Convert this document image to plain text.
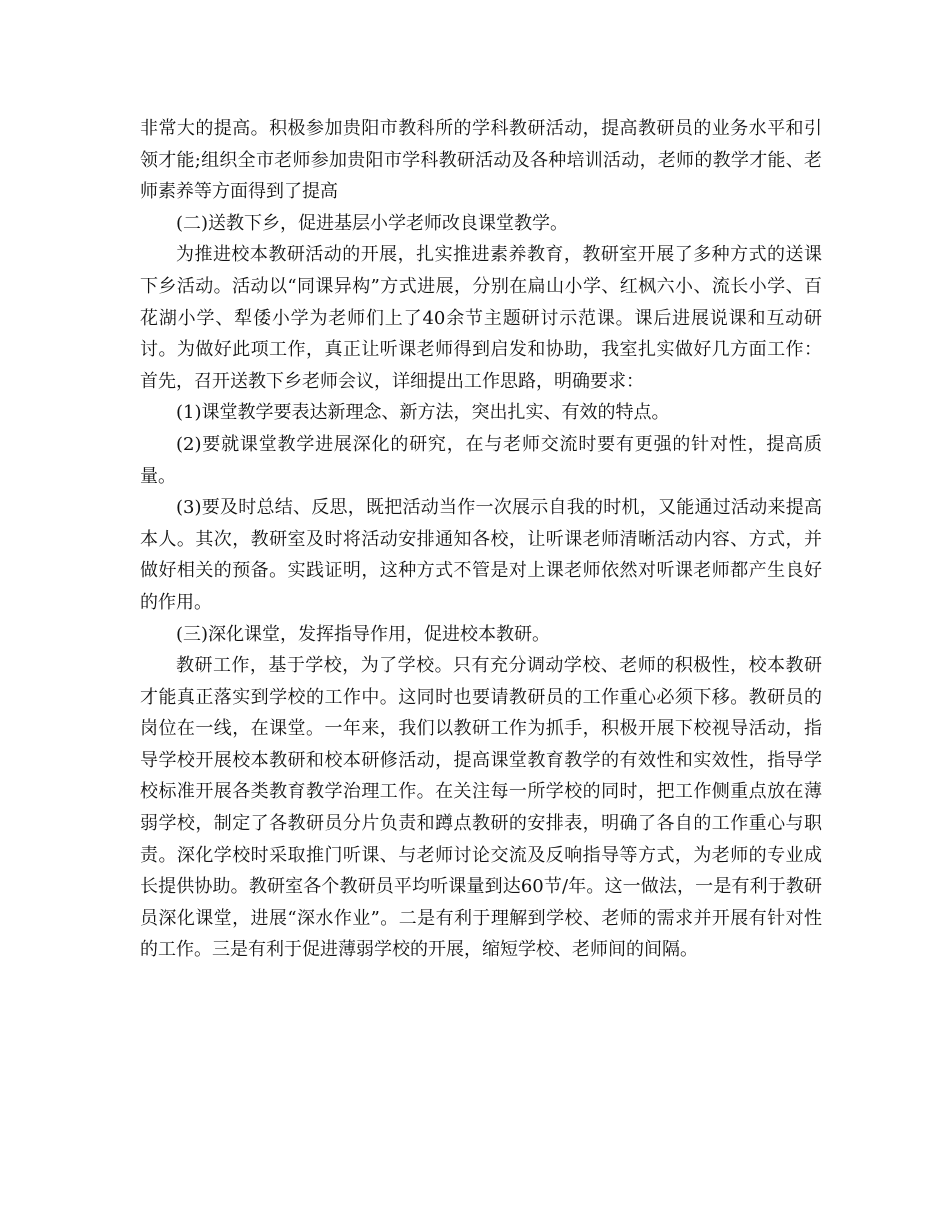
非常大的提高。积极参加贵阳市教科所的学科教研活动，提高教研员的业务水平和引领才能;组织全市老师参加贵阳市学科教研活动及各种培训活动，老师的教学才能、老师素养等方面得到了提高

(二)送教下乡，促进基层小学老师改良课堂教学。

为推进校本教研活动的开展，扎实推进素养教育，教研室开展了多种方式的送课下乡活动。活动以“同课异构”方式进展，分别在扁山小学、红枫六小、流长小学、百花湖小学、犁倭小学为老师们上了40余节主题研讨示范课。课后进展说课和互动研讨。为做好此项工作，真正让听课老师得到启发和协助，我室扎实做好几方面工作：首先，召开送教下乡老师会议，详细提出工作思路，明确要求：

(1)课堂教学要表达新理念、新方法，突出扎实、有效的特点。

(2)要就课堂教学进展深化的研究，在与老师交流时要有更强的针对性，提高质量。

(3)要及时总结、反思，既把活动当作一次展示自我的时机，又能通过活动来提高本人。其次，教研室及时将活动安排通知各校，让听课老师清晰活动内容、方式，并做好相关的预备。实践证明，这种方式不管是对上课老师依然对听课老师都产生良好的作用。

(三)深化课堂，发挥指导作用，促进校本教研。

教研工作，基于学校，为了学校。只有充分调动学校、老师的积极性，校本教研才能真正落实到学校的工作中。这同时也要请教研员的工作重心必须下移。教研员的岗位在一线，在课堂。一年来，我们以教研工作为抓手，积极开展下校视导活动，指导学校开展校本教研和校本研修活动，提高课堂教育教学的有效性和实效性，指导学校标准开展各类教育教学治理工作。在关注每一所学校的同时，把工作侧重点放在薄弱学校，制定了各教研员分片负责和蹲点教研的安排表，明确了各自的工作重心与职责。深化学校时采取推门听课、与老师讨论交流及反响指导等方式，为老师的专业成长提供协助。教研室各个教研员平均听课量到达60节/年。这一做法，一是有利于教研员深化课堂，进展“深水作业”。二是有利于理解到学校、老师的需求并开展有针对性的工作。三是有利于促进薄弱学校的开展，缩短学校、老师间的间隔。
